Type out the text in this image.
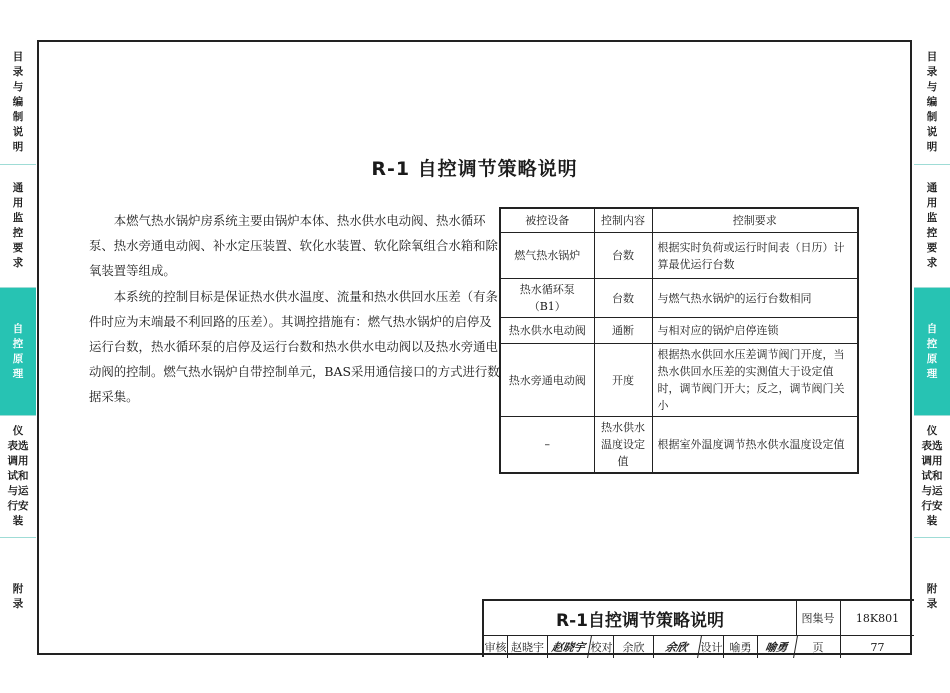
目
录
与
编
制
说
明
通
用
监
控
要
求
自
控
原
理
仪
表选
调用
试和
与运
行安
装
附
录
目
录
与
编
制
说
明
通
用
监
控
要
求
自
控
原
理
仪
表选
调用
试和
与运
行安
装
附
录
R-1 自控调节策略说明

本燃气热水锅炉房系统主要由锅炉本体、热水供水电动阀、热水循环泵、热水旁通电动阀、补水定压装置、软化水装置、软化除氧组合水箱和除氧装置等组成。

本系统的控制目标是保证热水供水温度、流量和热水供回水压差（有条件时应为末端最不利回路的压差）。其调控措施有：燃气热水锅炉的启停及运行台数，热水循环泵的启停及运行台数和热水供水电动阀以及热水旁通电动阀的控制。燃气热水锅炉自带控制单元，BAS采用通信接口的方式进行数据采集。

被控设备	控制内容	控制要求
燃气热水锅炉	台数	根据实时负荷或运行时间表（日历）计算最优运行台数
热水循环泵（B1）	台数	与燃气热水锅炉的运行台数相同
热水供水电动阀	通断	与相对应的锅炉启停连锁
热水旁通电动阀	开度	根据热水供回水压差调节阀门开度，当热水供回水压差的实测值大于设定值时，调节阀门开大；反之，调节阀门关小
–	热水供水温度设定值	根据室外温度调节热水供水温度设定值
R-1自控调节策略说明	图集号	18K801
审核 赵晓宇 赵晓宇 校对 余欣	余欣	设计 喻勇	喻勇	页	77
